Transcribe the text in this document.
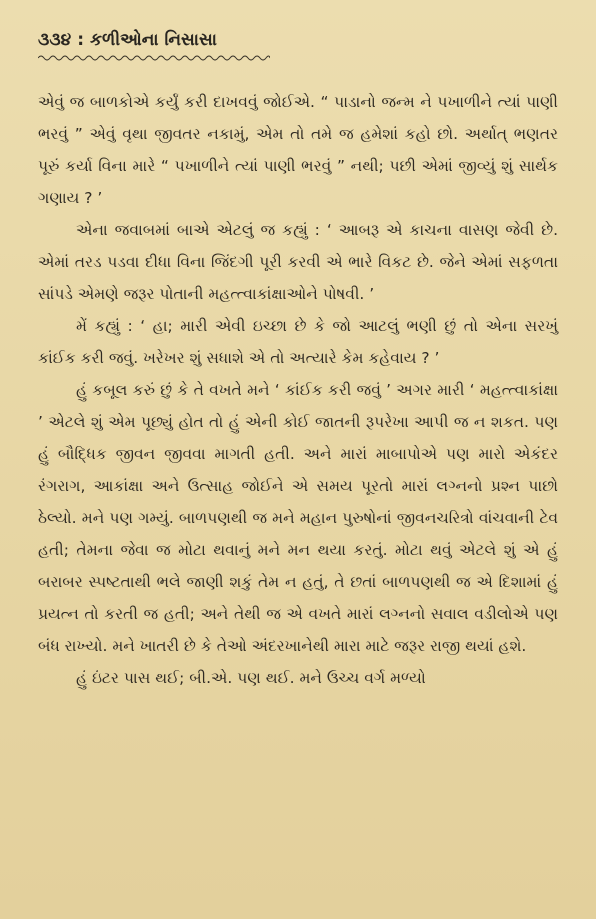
૩૩૪ : કળીઓના નિસાસા

એવું જ બાળકોએ કર્યું કરી દાખવવું જોઈએ. “ પાડાનો જન્મ ને પખાળીને ત્યાં પાણી ભરવું ” એવું વૃથા જીવતર નકામું, એમ તો તમે જ હમેશાં કહો છો. અર્થાત્ ભણતર પૂરું કર્યા વિના મારે “ પખાળીને ત્યાં પાણી ભરવું ” નથી; પછી એમાં જીવ્યું શું સાર્થક ગણાય ? ’

એના જવાબમાં બાએ એટલું જ કહ્યું : ‘ આબરૂ એ કાચના વાસણ જેવી છે. એમાં તરડ પડવા દીધા વિના જિંદગી પૂરી કરવી એ ભારે વિકટ છે. જેને એમાં સફળતા સાંપડે એમણે જરૂર પોતાની મહત્ત્વાકાંક્ષાઓને પોષવી. ’

મેં કહ્યું : ‘ હા; મારી એવી ઇચ્છા છે કે જો આટલું ભણી છું તો એના સરખું કાંઈક કરી જવું. ખરેખર શું સધાશે એ તો અત્યારે કેમ કહેવાય ? ’

હું કબૂલ કરું છું કે તે વખતે મને ‘ કાંઈક કરી જવું ’ અગર મારી ‘ મહત્ત્વાકાંક્ષા ’ એટલે શું એમ પૂછ્યું હોત તો હું એની કોઈ જાતની રૂપરેખા આપી જ ન શકત. પણ હું બૌદ્ધિક જીવન જીવવા માગતી હતી. અને મારાં માબાપોએ પણ મારો એકંદર રંગરાગ, આકાંક્ષા અને ઉત્સાહ જોઈને એ સમય પૂરતો મારાં લગ્નનો પ્રશ્ન પાછો ઠેલ્યો. મને પણ ગમ્યું. બાળપણથી જ મને મહાન પુરુષોનાં જીવનચરિત્રો વાંચવાની ટેવ હતી; તેમના જેવા જ મોટા થવાનું મને મન થયા કરતું. મોટા થવું એટલે શું એ હું બરાબર સ્પષ્ટતાથી ભલે જાણી શકું તેમ ન હતું, તે છતાં બાળપણથી જ એ દિશામાં હું પ્રયત્ન તો કરતી જ હતી; અને તેથી જ એ વખતે મારાં લગ્નનો સવાલ વડીલોએ પણ બંધ રાખ્યો. મને ખાતરી છે કે તેઓ અંદરખાનેથી મારા માટે જરૂર રાજી થયાં હશે.

હું ઇંટર પાસ થઈ; બી.એ. પણ થઈ. મને ઉચ્ચ વર્ગ મળ્યો
